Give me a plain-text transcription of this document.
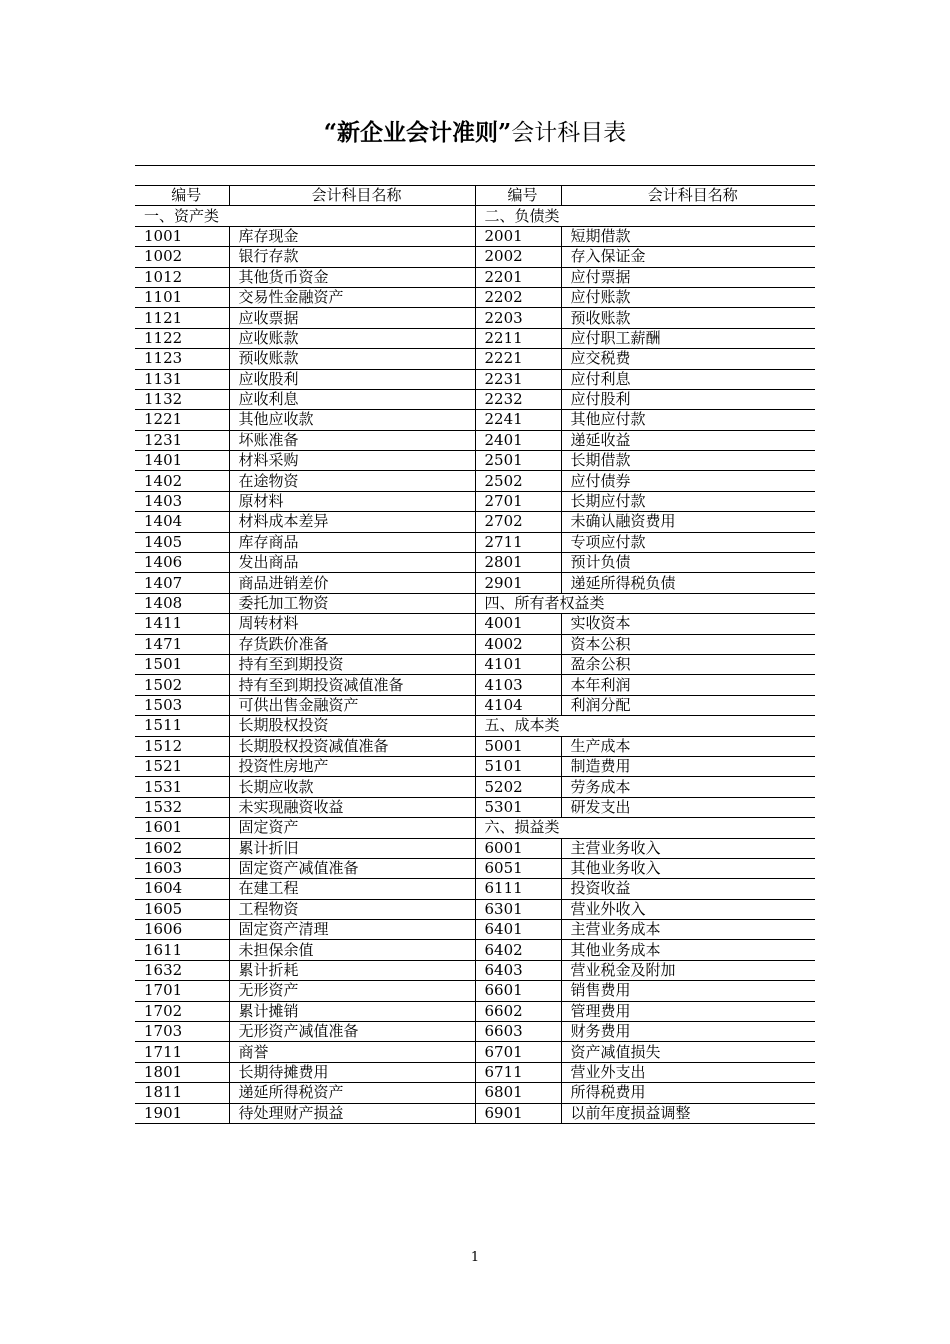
“新企业会计准则”会计科目表
编号	会计科目名称	编号	会计科目名称
一、资产类		二、负债类	
1001	库存现金	2001	短期借款
1002	银行存款	2002	存入保证金
1012	其他货币资金	2201	应付票据
1101	交易性金融资产	2202	应付账款
1121	应收票据	2203	预收账款
1122	应收账款	2211	应付职工薪酬
1123	预收账款	2221	应交税费
1131	应收股利	2231	应付利息
1132	应收利息	2232	应付股利
1221	其他应收款	2241	其他应付款
1231	坏账准备	2401	递延收益
1401	材料采购	2501	长期借款
1402	在途物资	2502	应付债券
1403	原材料	2701	长期应付款
1404	材料成本差异	2702	未确认融资费用
1405	库存商品	2711	专项应付款
1406	发出商品	2801	预计负债
1407	商品进销差价	2901	递延所得税负债
1408	委托加工物资	四、所有者权益类	
1411	周转材料	4001	实收资本
1471	存货跌价准备	4002	资本公积
1501	持有至到期投资	4101	盈余公积
1502	持有至到期投资减值准备	4103	本年利润
1503	可供出售金融资产	4104	利润分配
1511	长期股权投资	五、成本类	
1512	长期股权投资减值准备	5001	生产成本
1521	投资性房地产	5101	制造费用
1531	长期应收款	5202	劳务成本
1532	未实现融资收益	5301	研发支出
1601	固定资产	六、损益类	
1602	累计折旧	6001	主营业务收入
1603	固定资产减值准备	6051	其他业务收入
1604	在建工程	6111	投资收益
1605	工程物资	6301	营业外收入
1606	固定资产清理	6401	主营业务成本
1611	未担保余值	6402	其他业务成本
1632	累计折耗	6403	营业税金及附加
1701	无形资产	6601	销售费用
1702	累计摊销	6602	管理费用
1703	无形资产减值准备	6603	财务费用
1711	商誉	6701	资产减值损失
1801	长期待摊费用	6711	营业外支出
1811	递延所得税资产	6801	所得税费用
1901	待处理财产损益	6901	以前年度损益调整
1
